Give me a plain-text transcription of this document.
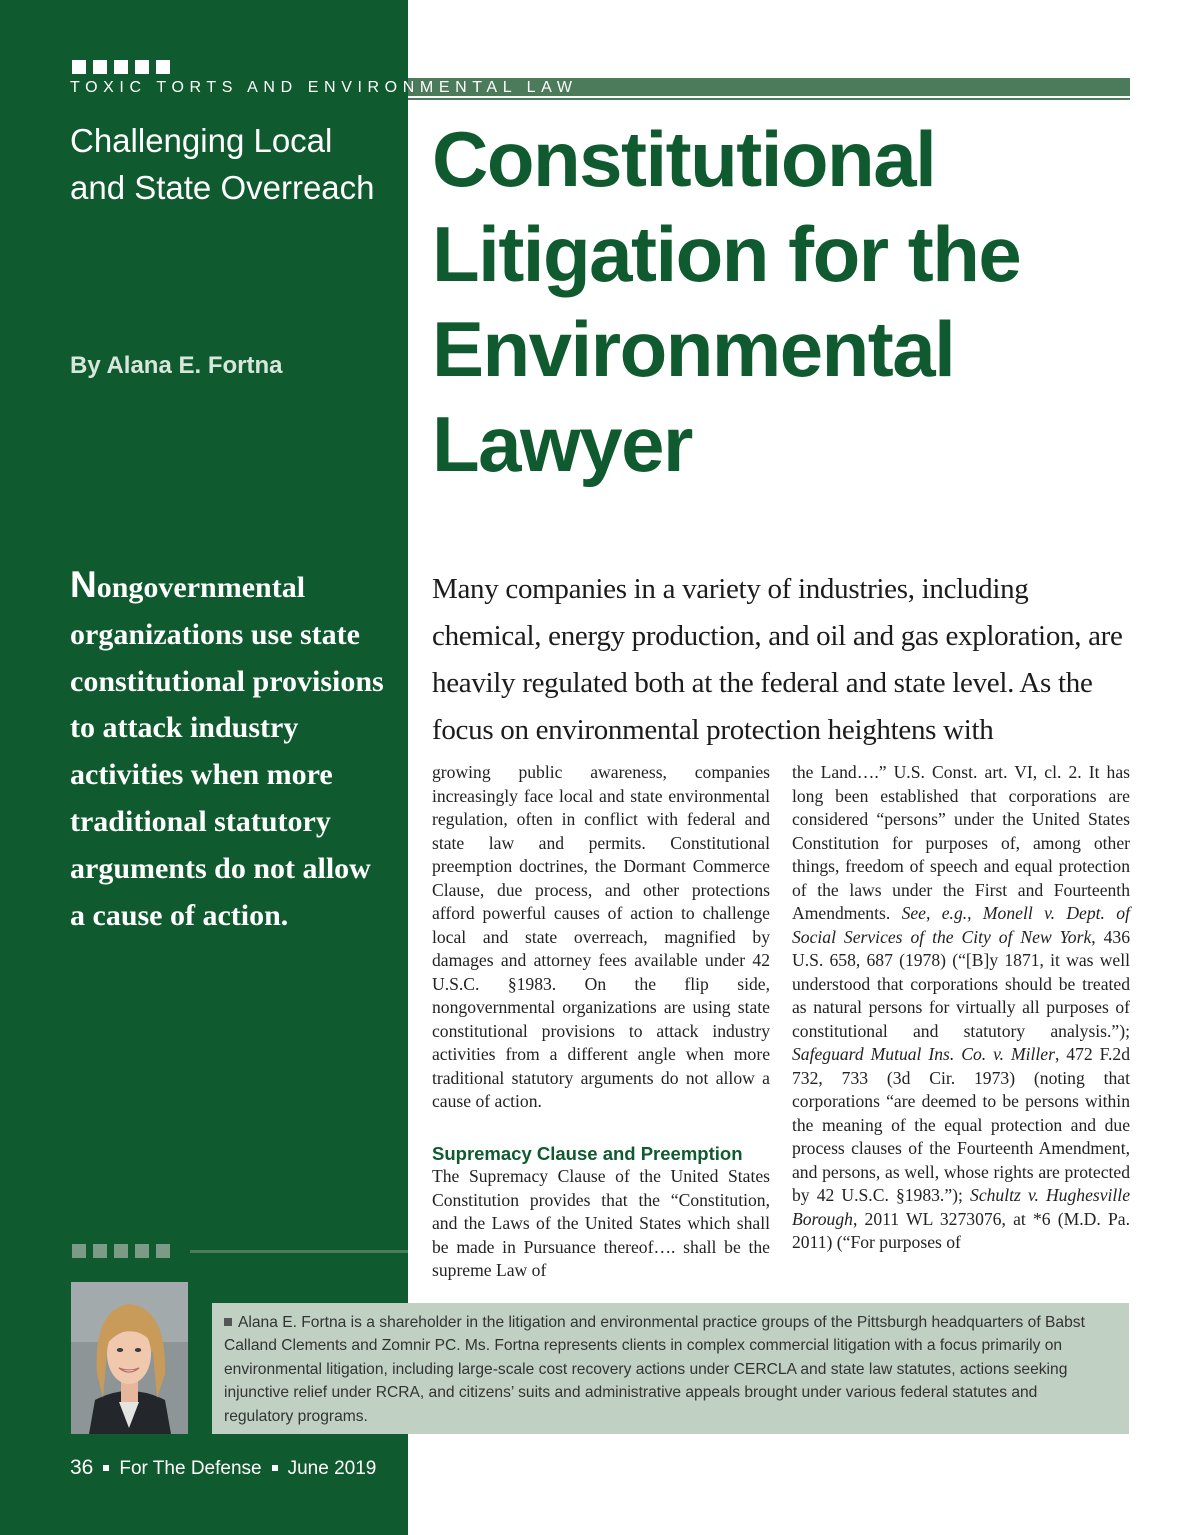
TOXIC TORTS AND ENVIRONMENTAL LAW

Challenging Local and State Overreach

By Alana E. Fortna

Constitutional Litigation for the Environmental Lawyer

Nongovernmental organizations use state constitutional provisions to attack industry activities when more traditional statutory arguments do not allow a cause of action.

Many companies in a variety of industries, including chemical, energy production, and oil and gas exploration, are heavily regulated both at the federal and state level. As the focus on environmental protection heightens with

growing public awareness, companies increasingly face local and state environmental regulation, often in conflict with federal and state law and permits. Constitutional preemption doctrines, the Dormant Commerce Clause, due process, and other protections afford powerful causes of action to challenge local and state overreach, magnified by damages and attorney fees available under 42 U.S.C. §1983. On the flip side, nongovernmental organizations are using state constitutional provisions to attack industry activities from a different angle when more traditional statutory arguments do not allow a cause of action.

Supremacy Clause and Preemption

The Supremacy Clause of the United States Constitution provides that the “Constitution, and the Laws of the United States which shall be made in Pursuance thereof…. shall be the supreme Law of

the Land….” U.S. Const. art. VI, cl. 2. It has long been established that corporations are considered “persons” under the United States Constitution for purposes of, among other things, freedom of speech and equal protection of the laws under the First and Fourteenth Amendments. See, e.g., Monell v. Dept. of Social Services of the City of New York, 436 U.S. 658, 687 (1978) (“[B]y 1871, it was well understood that corporations should be treated as natural persons for virtually all purposes of constitutional and statutory analysis.”); Safeguard Mutual Ins. Co. v. Miller, 472 F.2d 732, 733 (3d Cir. 1973) (noting that corporations “are deemed to be persons within the meaning of the equal protection and due process clauses of the Fourteenth Amendment, and persons, as well, whose rights are protected by 42 U.S.C. §1983.”); Schultz v. Hughesville Borough, 2011 WL 3273076, at *6 (M.D. Pa. 2011) (“For purposes of

Alana E. Fortna is a shareholder in the litigation and environmental practice groups of the Pittsburgh headquarters of Babst Calland Clements and Zomnir PC. Ms. Fortna represents clients in complex commercial litigation with a focus primarily on environmental litigation, including large-scale cost recovery actions under CERCLA and state law statutes, actions seeking injunctive relief under RCRA, and citizens’ suits and administrative appeals brought under various federal statutes and regulatory programs.
36 For The Defense June 2019
